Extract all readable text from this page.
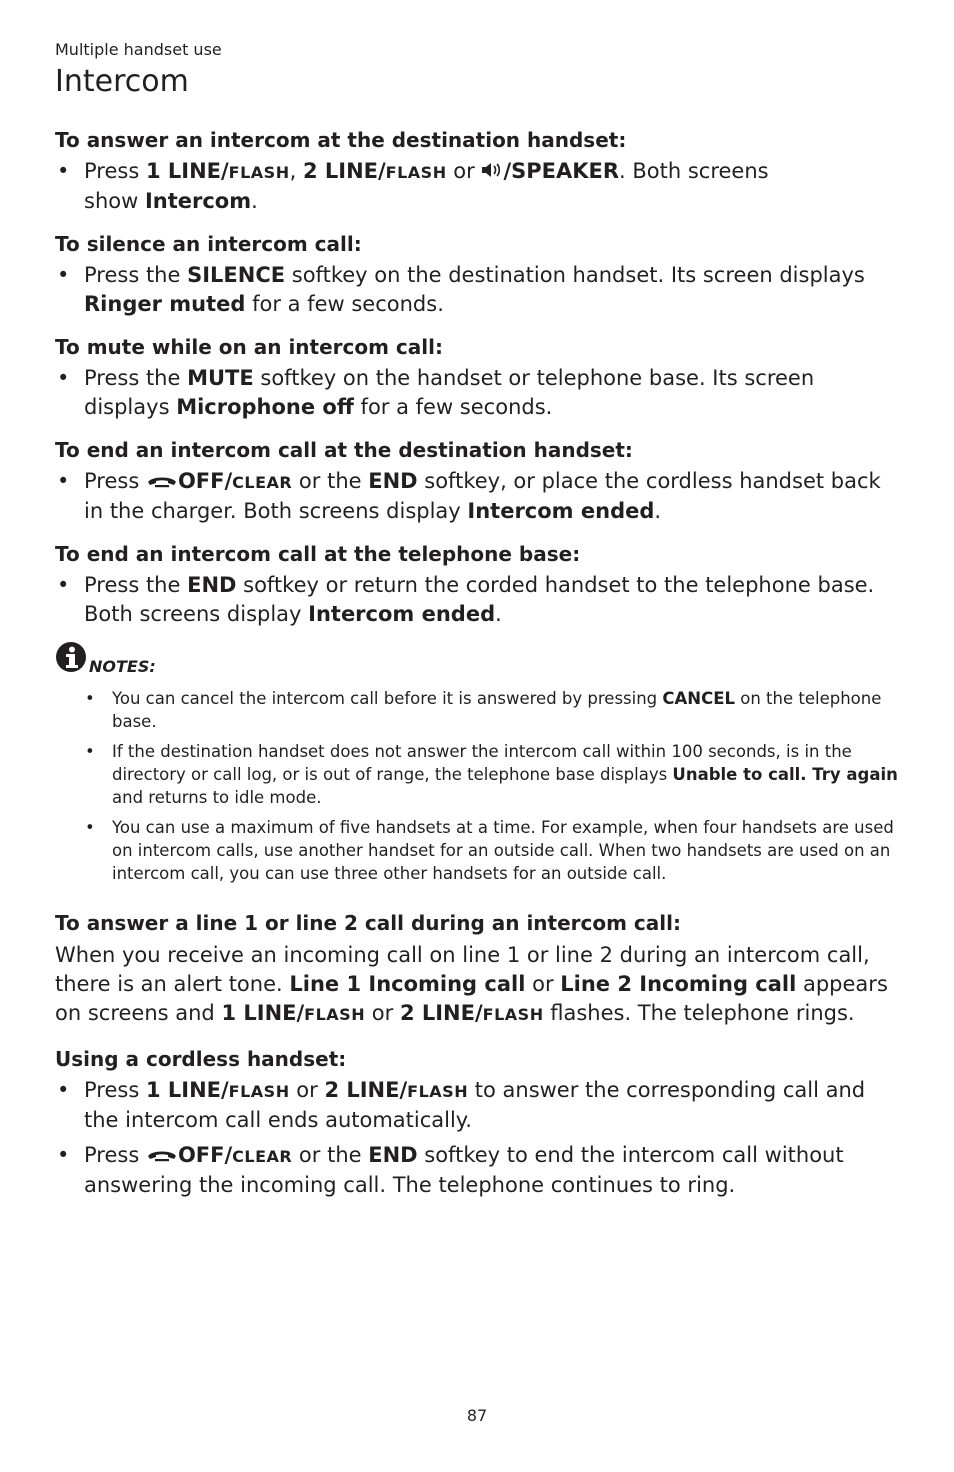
Multiple handset use

Intercom

To answer an intercom at the destination handset:

• Press 1 LINE/FLASH, 2 LINE/FLASH or /SPEAKER. Both screens show Intercom.

To silence an intercom call:

• Press the SILENCE softkey on the destination handset. Its screen displays Ringer muted for a few seconds.

To mute while on an intercom call:

• Press the MUTE softkey on the handset or telephone base. Its screen displays Microphone off for a few seconds.

To end an intercom call at the destination handset:

• Press OFF/CLEAR or the END softkey, or place the cordless handset back in the charger. Both screens display Intercom ended.

To end an intercom call at the telephone base:

• Press the END softkey or return the corded handset to the telephone base. Both screens display Intercom ended.
NOTES:
• You can cancel the intercom call before it is answered by pressing CANCEL on the telephone base.
• If the destination handset does not answer the intercom call within 100 seconds, is in the directory or call log, or is out of range, the telephone base displays Unable to call. Try again and returns to idle mode.
• You can use a maximum of five handsets at a time. For example, when four handsets are used on intercom calls, use another handset for an outside call. When two handsets are used on an intercom call, you can use three other handsets for an outside call.

To answer a line 1 or line 2 call during an intercom call:

When you receive an incoming call on line 1 or line 2 during an intercom call, there is an alert tone. Line 1 Incoming call or Line 2 Incoming call appears on screens and 1 LINE/FLASH or 2 LINE/FLASH flashes. The telephone rings.

Using a cordless handset:

• Press 1 LINE/FLASH or 2 LINE/FLASH to answer the corresponding call and the intercom call ends automatically.
• Press OFF/CLEAR or the END softkey to end the intercom call without answering the incoming call. The telephone continues to ring.
87
